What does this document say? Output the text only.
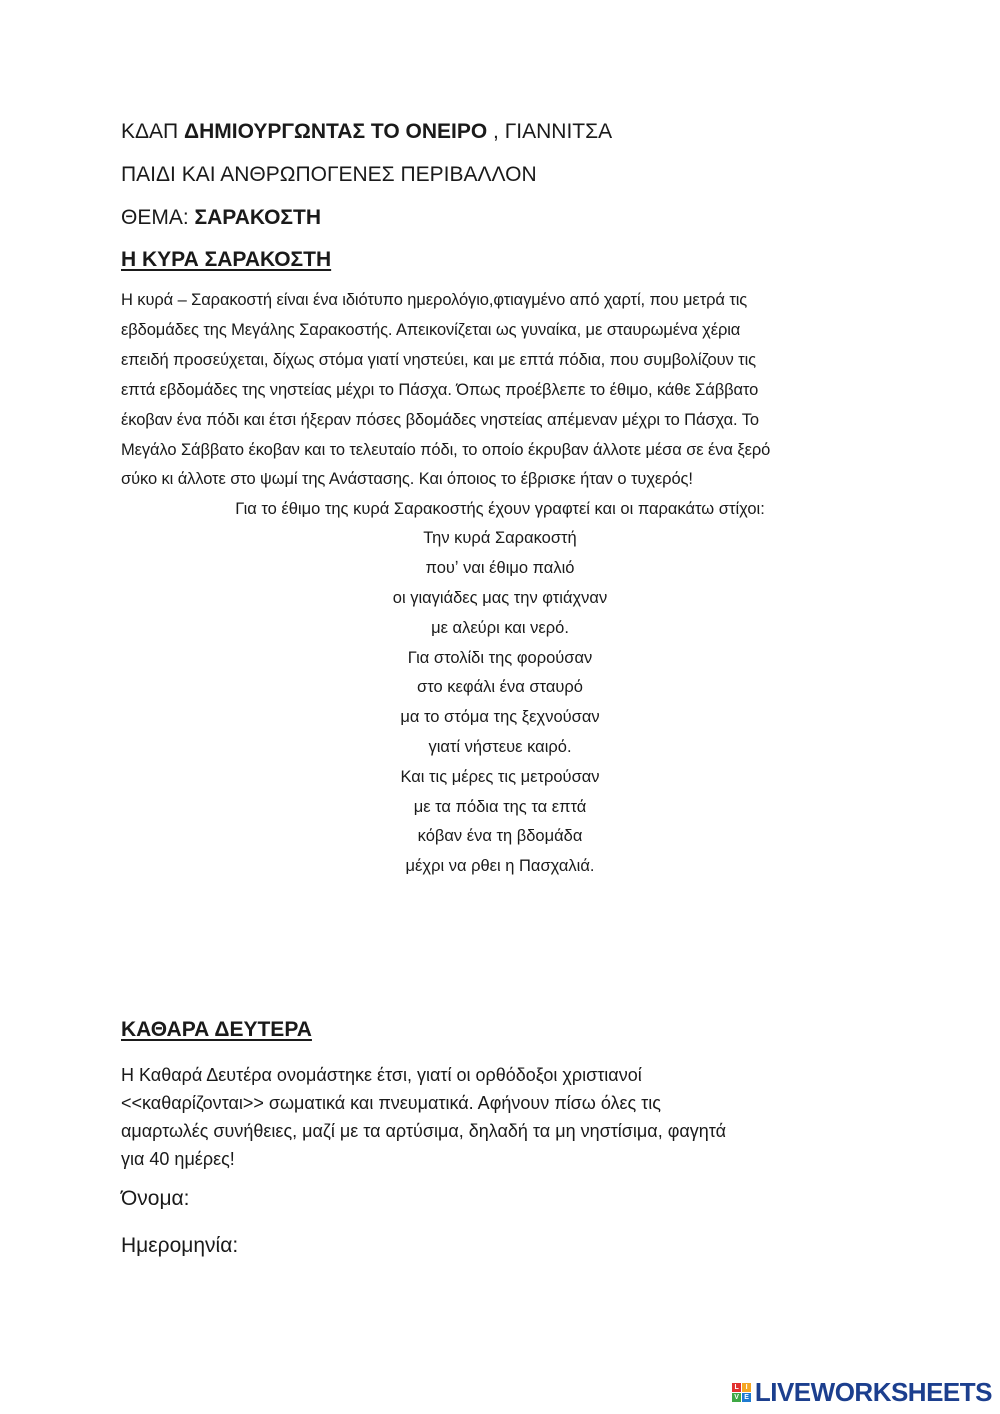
ΚΔΑΠ ΔΗΜΙΟΥΡΓΩΝΤΑΣ ΤΟ ΟΝΕΙΡΟ , ΓΙΑΝΝΙΤΣΑ
ΠΑΙΔΙ ΚΑΙ ΑΝΘΡΩΠΟΓΕΝΕΣ ΠΕΡΙΒΑΛΛΟΝ
ΘΕΜΑ: ΣΑΡΑΚΟΣΤΗ
Η ΚΥΡΑ ΣΑΡΑΚΟΣΤΗ
Η κυρά – Σαρακοστή είναι ένα ιδιότυπο ημερολόγιο,φτιαγμένο από χαρτί, που μετρά τις
εβδομάδες της Μεγάλης Σαρακοστής. Απεικονίζεται ως γυναίκα, με σταυρωμένα χέρια
επειδή προσεύχεται, δίχως στόμα γιατί νηστεύει, και με επτά πόδια, που συμβολίζουν τις
επτά εβδομάδες της νηστείας μέχρι το Πάσχα. Όπως προέβλεπε το έθιμο, κάθε Σάββατο
έκοβαν ένα πόδι και έτσι ήξεραν πόσες βδομάδες νηστείας απέμεναν μέχρι το Πάσχα. Το
Μεγάλο Σάββατο έκοβαν και το τελευταίο πόδι, το οποίο έκρυβαν άλλοτε μέσα σε ένα ξερό
σύκο κι άλλοτε στο ψωμί της Ανάστασης. Και όποιος το έβρισκε ήταν ο τυχερός!
Για το έθιμο της κυρά Σαρακοστής έχουν γραφτεί και οι παρακάτω στίχοι:
Την κυρά Σαρακοστή
πουʼ ναι έθιμο παλιό
οι γιαγιάδες μας την φτιάχναν
με αλεύρι και νερό.
Για στολίδι της φορούσαν
στο κεφάλι ένα σταυρό
μα το στόμα της ξεχνούσαν
γιατί νήστευε καιρό.
Και τις μέρες τις μετρούσαν
με τα πόδια της τα επτά
κόβαν ένα τη βδομάδα
μέχρι να ρθει η Πασχαλιά.
ΚΑΘΑΡΑ ΔΕΥΤΕΡΑ
Η Καθαρά Δευτέρα ονομάστηκε έτσι, γιατί οι ορθόδοξοι χριστιανοί
<<καθαρίζονται>> σωματικά και πνευματικά. Αφήνουν πίσω όλες τις
αμαρτωλές συνήθειες, μαζί με τα αρτύσιμα, δηλαδή τα μη νηστίσιμα, φαγητά
για 40 ημέρες!
Όνομα:
Ημερομηνία:
L	I
V E LIVEWORKSHEETS
